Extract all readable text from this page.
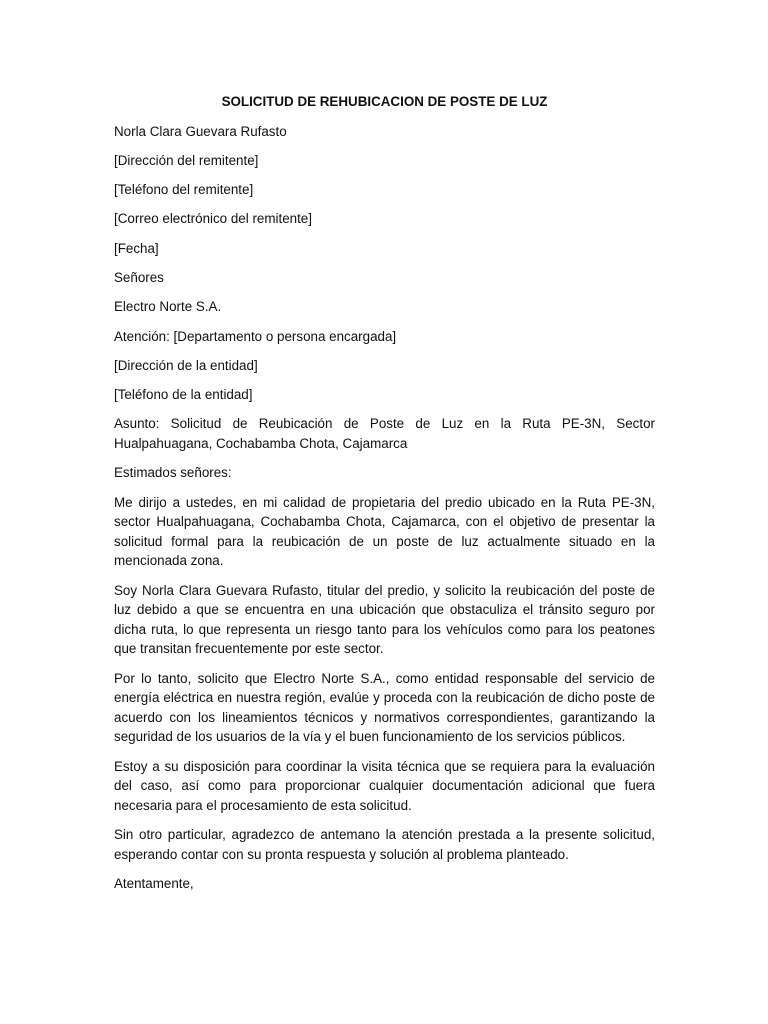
SOLICITUD DE REHUBICACION DE POSTE DE LUZ
Norla Clara Guevara Rufasto
[Dirección del remitente]
[Teléfono del remitente]
[Correo electrónico del remitente]
[Fecha]
Señores
Electro Norte S.A.
Atención: [Departamento o persona encargada]
[Dirección de la entidad]
[Teléfono de la entidad]
Asunto: Solicitud de Reubicación de Poste de Luz en la Ruta PE-3N, Sector Hualpahuagana, Cochabamba Chota, Cajamarca
Estimados señores:
Me dirijo a ustedes, en mi calidad de propietaria del predio ubicado en la Ruta PE-3N, sector Hualpahuagana, Cochabamba Chota, Cajamarca, con el objetivo de presentar la solicitud formal para la reubicación de un poste de luz actualmente situado en la mencionada zona.
Soy Norla Clara Guevara Rufasto, titular del predio, y solicito la reubicación del poste de luz debido a que se encuentra en una ubicación que obstaculiza el tránsito seguro por dicha ruta, lo que representa un riesgo tanto para los vehículos como para los peatones que transitan frecuentemente por este sector.
Por lo tanto, solicito que Electro Norte S.A., como entidad responsable del servicio de energía eléctrica en nuestra región, evalúe y proceda con la reubicación de dicho poste de acuerdo con los lineamientos técnicos y normativos correspondientes, garantizando la seguridad de los usuarios de la vía y el buen funcionamiento de los servicios públicos.
Estoy a su disposición para coordinar la visita técnica que se requiera para la evaluación del caso, así como para proporcionar cualquier documentación adicional que fuera necesaria para el procesamiento de esta solicitud.
Sin otro particular, agradezco de antemano la atención prestada a la presente solicitud, esperando contar con su pronta respuesta y solución al problema planteado.
Atentamente,
